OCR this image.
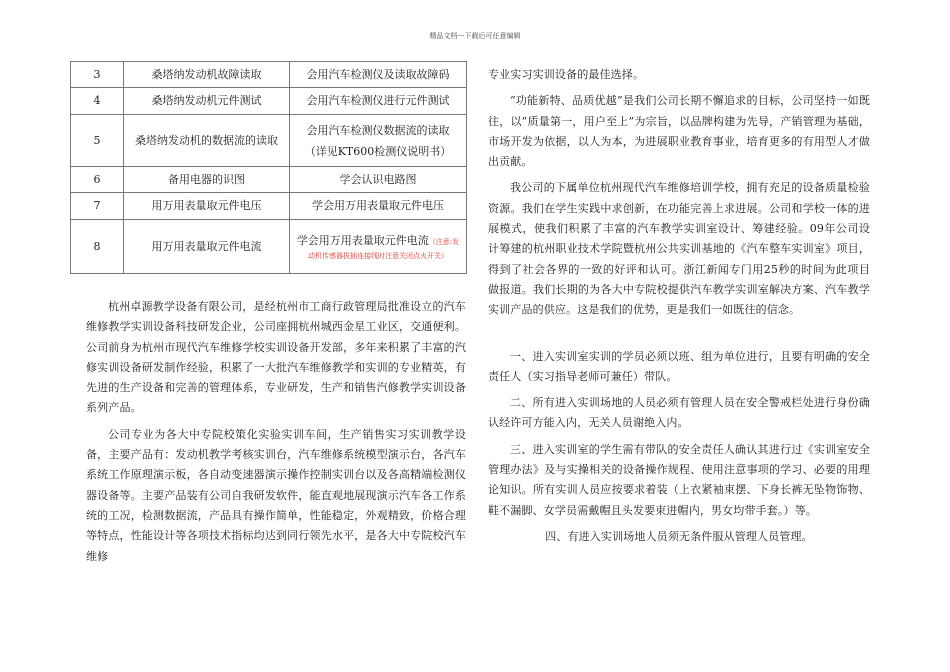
精品文档---下载后可任意编辑
3	桑塔纳发动机故障读取	会用汽车检测仪及读取故障码
4	桑塔纳发动机元件测试	会用汽车检测仪进行元件测试
5	桑塔纳发动机的数据流的读取	会用汽车检测仪数据流的读取
（详见KT600检测仪说明书）

6	备用电器的识图	学会认识电路图
7	用万用表量取元件电压	学会用万用表量取元件电压
8	用万用表量取元件电流	学会用万用表量取元件电流（注意:发动机传感器拔插连接线时注意关闭点火开关）

杭州卓源教学设备有限公司，是经杭州市工商行政管理局批准设立的汽车维修教学实训设备科技研发企业，公司座拥杭州城西金星工业区，交通便利。公司前身为杭州市现代汽车维修学校实训设备开发部，多年来积累了丰富的汽修实训设备研发制作经验，积累了一大批汽车维修教学和实训的专业精英，有先进的生产设备和完善的管理体系，专业研发，生产和销售汽修教学实训设备系列产品。

公司专业为各大中专院校策化实验实训车间，生产销售实习实训教学设备，主要产品有：发动机教学考核实训台，汽车维修系统模型演示台，各汽车系统工作原理演示板，各自动变速器演示操作控制实训台以及各高精端检测仪器设备等。主要产品装有公司自我研发软件，能直观地展现演示汽车各工作系统的工况，检测数据流，产品具有操作简单，性能稳定，外观精致，价格合理等特点，性能设计等各项技术指标均达到同行领先水平，是各大中专院校汽车维修

专业实习实训设备的最佳选择。

“功能新特、品质优越”是我们公司长期不懈追求的目标，公司坚持一如既往，以”质量第一，用户至上”为宗旨，以品牌构建为先导，产销管理为基础，市场开发为依据，以人为本，为进展职业教育事业，培育更多的有用型人才做出贡献。

我公司的下属单位杭州现代汽车维修培训学校，拥有充足的设备质量检验资源。我们在学生实践中求创新，在功能完善上求进展。公司和学校一体的进展模式，使我们积累了丰富的汽车教学实训室设计、筹建经验。09年公司设计筹建的杭州职业技术学院暨杭州公共实训基地的《汽车整车实训室》项目，得到了社会各界的一致的好评和认可。浙江新闻专门用25秒的时间为此项目做报道。我们长期的为各大中专院校提供汽车教学实训室解决方案、汽车教学实训产品的供应。这是我们的优势，更是我们一如既往的信念。

一、进入实训室实训的学员必须以班、组为单位进行，且要有明确的安全责任人（实习指导老师可兼任）带队。

二、所有进入实训场地的人员必须有管理人员在安全警戒栏处进行身份确认经许可方能入内，无关人员谢绝入内。

三、进入实训室的学生需有带队的安全责任人确认其进行过《实训室安全管理办法》及与实操相关的设备操作规程、使用注意事项的学习、必要的用理论知识。所有实训人员应按要求着装（上衣紧袖束摆、下身长裤无坠物饰物、鞋不漏脚、女学员需戴帽且头发要束进帽内，男女均带手套。）等。

四、有进入实训场地人员须无条件服从管理人员管理。
